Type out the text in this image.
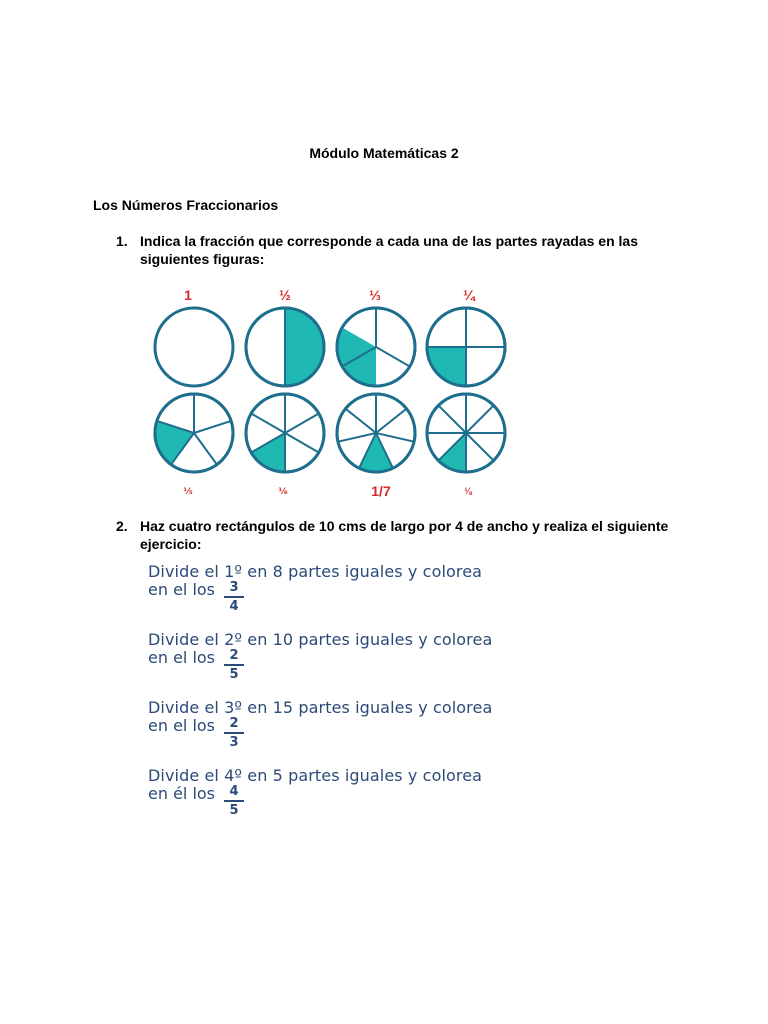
Módulo Matemáticas 2
Los Números Fraccionarios
1. Indica la fracción que corresponde a cada una de las partes rayadas en las siguientes figuras:
1	½	⅓	¼
⅕	⅙	1/7	⅛
2. Haz cuatro rectángulos de 10 cms de largo por 4 de ancho y realiza el siguiente ejercicio:
Divide el 1º en 8 partes iguales y colorea
en el los	3
4
Divide el 2º en 10 partes iguales y colorea
en el los	2
5
Divide el 3º en 15 partes iguales y colorea
en el los	2
3
Divide el 4º en 5 partes iguales y colorea
en él los	4
5
